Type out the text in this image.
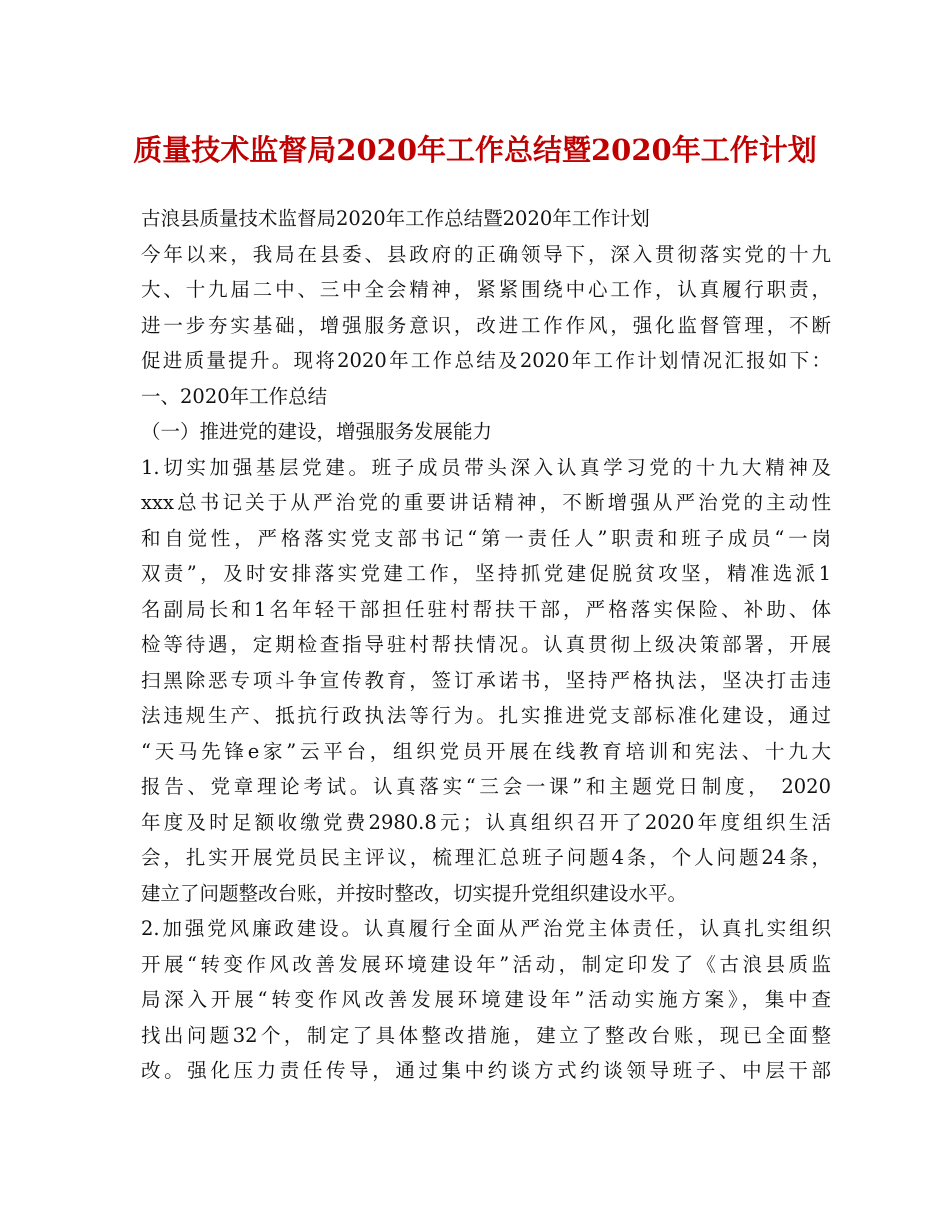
质量技术监督局2020年工作总结暨2020年工作计划
古浪县质量技术监督局2020年工作总结暨2020年工作计划
今年以来，我局在县委、县政府的正确领导下，深入贯彻落实党的十九
大、十九届二中、三中全会精神，紧紧围绕中心工作，认真履行职责，
进一步夯实基础，增强服务意识，改进工作作风，强化监督管理，不断
促进质量提升。现将2020年工作总结及2020年工作计划情况汇报如下：
一、2020年工作总结
（一）推进党的建设，增强服务发展能力
1.切实加强基层党建。班子成员带头深入认真学习党的十九大精神及
xxx总书记关于从严治党的重要讲话精神，不断增强从严治党的主动性
和自觉性，严格落实党支部书记“第一责任人”职责和班子成员“一岗
双责”，及时安排落实党建工作，坚持抓党建促脱贫攻坚，精准选派1
名副局长和1名年轻干部担任驻村帮扶干部，严格落实保险、补助、体
检等待遇，定期检查指导驻村帮扶情况。认真贯彻上级决策部署，开展
扫黑除恶专项斗争宣传教育，签订承诺书，坚持严格执法，坚决打击违
法违规生产、抵抗行政执法等行为。扎实推进党支部标准化建设，通过
“天马先锋e家”云平台，组织党员开展在线教育培训和宪法、十九大
报告、党章理论考试。认真落实“三会一课”和主题党日制度， 2020
年度及时足额收缴党费2980.8元；认真组织召开了2020年度组织生活
会，扎实开展党员民主评议，梳理汇总班子问题4条，个人问题24条，
建立了问题整改台账，并按时整改，切实提升党组织建设水平。
2.加强党风廉政建设。认真履行全面从严治党主体责任，认真扎实组织
开展“转变作风改善发展环境建设年”活动，制定印发了《古浪县质监
局深入开展“转变作风改善发展环境建设年”活动实施方案》，集中查
找出问题32个，制定了具体整改措施，建立了整改台账，现已全面整
改。强化压力责任传导，通过集中约谈方式约谈领导班子、中层干部
